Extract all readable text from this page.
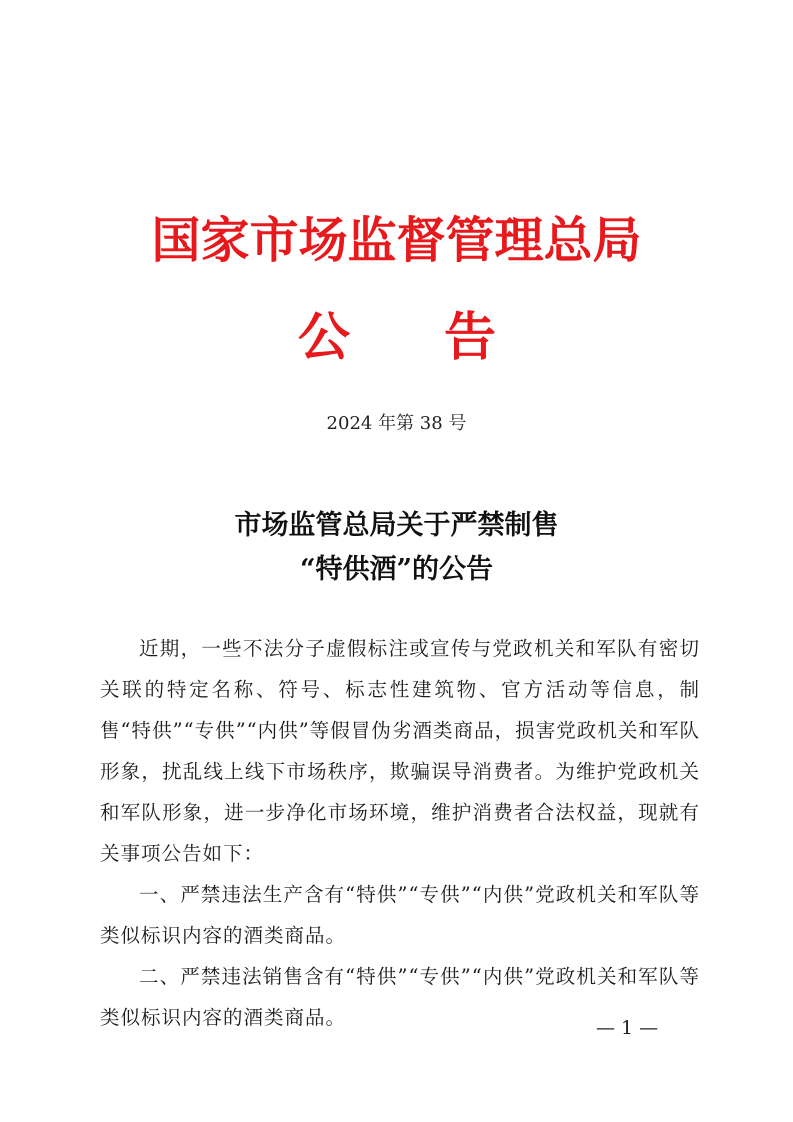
国家市场监督管理总局
公 告
2024 年第 38 号
市场监管总局关于严禁制售
“特供酒”的公告

近期，一些不法分子虚假标注或宣传与党政机关和军队有密切关联的特定名称、符号、标志性建筑物、官方活动等信息，制售“特供”“专供”“内供”等假冒伪劣酒类商品，损害党政机关和军队形象，扰乱线上线下市场秩序，欺骗误导消费者。为维护党政机关和军队形象，进一步净化市场环境，维护消费者合法权益，现就有关事项公告如下：

一、严禁违法生产含有“特供”“专供”“内供”党政机关和军队等类似标识内容的酒类商品。

二、严禁违法销售含有“特供”“专供”“内供”党政机关和军队等类似标识内容的酒类商品。	— 1 —
